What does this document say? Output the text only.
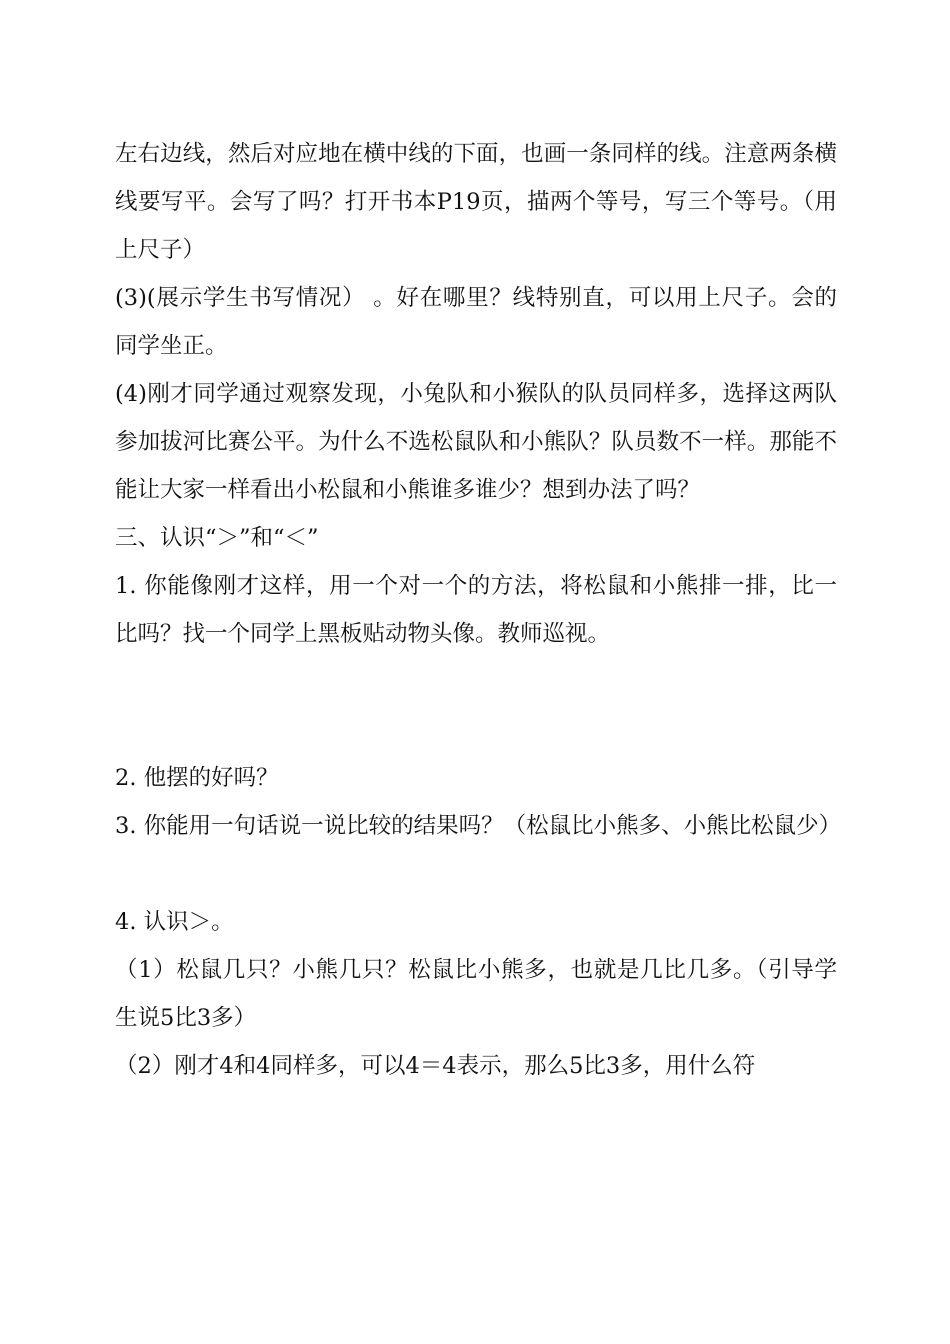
左右边线，然后对应地在横中线的下面，也画一条同样的线。注意两条横线要写平。会写了吗？打开书本P19页，描两个等号，写三个等号。（用上尺子）

(3)(展示学生书写情况） 。好在哪里？线特别直，可以用上尺子。会的同学坐正。

(4)刚才同学通过观察发现，小兔队和小猴队的队员同样多，选择这两队参加拔河比赛公平。为什么不选松鼠队和小熊队？队员数不一样。那能不能让大家一样看出小松鼠和小熊谁多谁少？想到办法了吗？

三、认识“＞”和“＜”

1. 你能像刚才这样，用一个对一个的方法，将松鼠和小熊排一排，比一比吗？找一个同学上黑板贴动物头像。教师巡视。

2. 他摆的好吗？

3. 你能用一句话说一说比较的结果吗？（松鼠比小熊多、小熊比松鼠少）

4. 认识＞。

（1）松鼠几只？小熊几只？松鼠比小熊多，也就是几比几多。（引导学生说5比3多）

（2）刚才4和4同样多，可以4＝4表示，那么5比3多，用什么符
